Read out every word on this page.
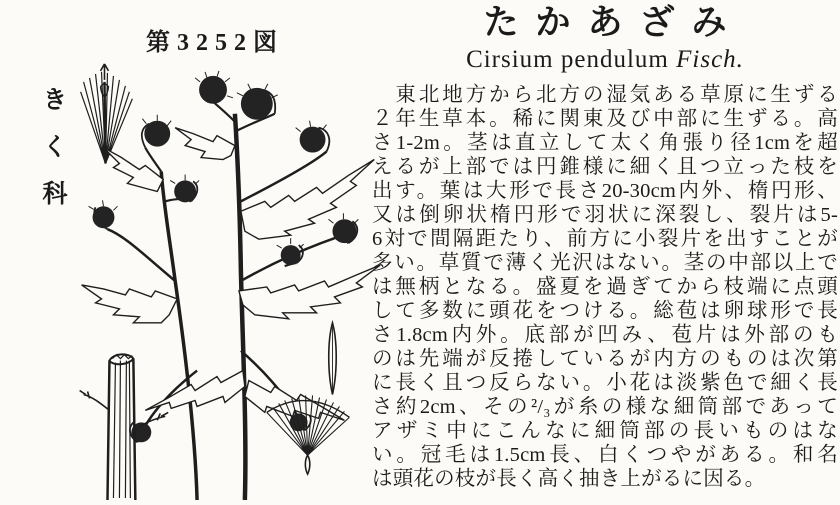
きく科
第3252図
たかあざみ
Cirsium pendulum Fisch.
　東北地方から北方の湿気ある草原に生ずる
２年生草本。稀に関東及び中部に生ずる。高
さ1-2m。茎は直立して太く角張り径1cmを超
えるが上部では円錐様に細く且つ立った枝を
出す。葉は大形で長さ20-30cm内外、楕円形、
又は倒卵状楕円形で羽状に深裂し、裂片は5-
6対で間隔距たり、前方に小裂片を出すことが
多い。草質で薄く光沢はない。茎の中部以上で
は無柄となる。盛夏を過ぎてから枝端に点頭
して多数に頭花をつける。総苞は卵球形で長
さ1.8cm内外。底部が凹み、苞片は外部のも
のは先端が反捲しているが内方のものは次第
に長く且つ反らない。小花は淡紫色で細く長
さ約2cm、その²/₃が糸の様な細筒部であって
アザミ中にこんなに細筒部の長いものはな
い。冠毛は1.5cm長、白くつやがある。和名
は頭花の枝が長く高く抽き上がるに因る。
